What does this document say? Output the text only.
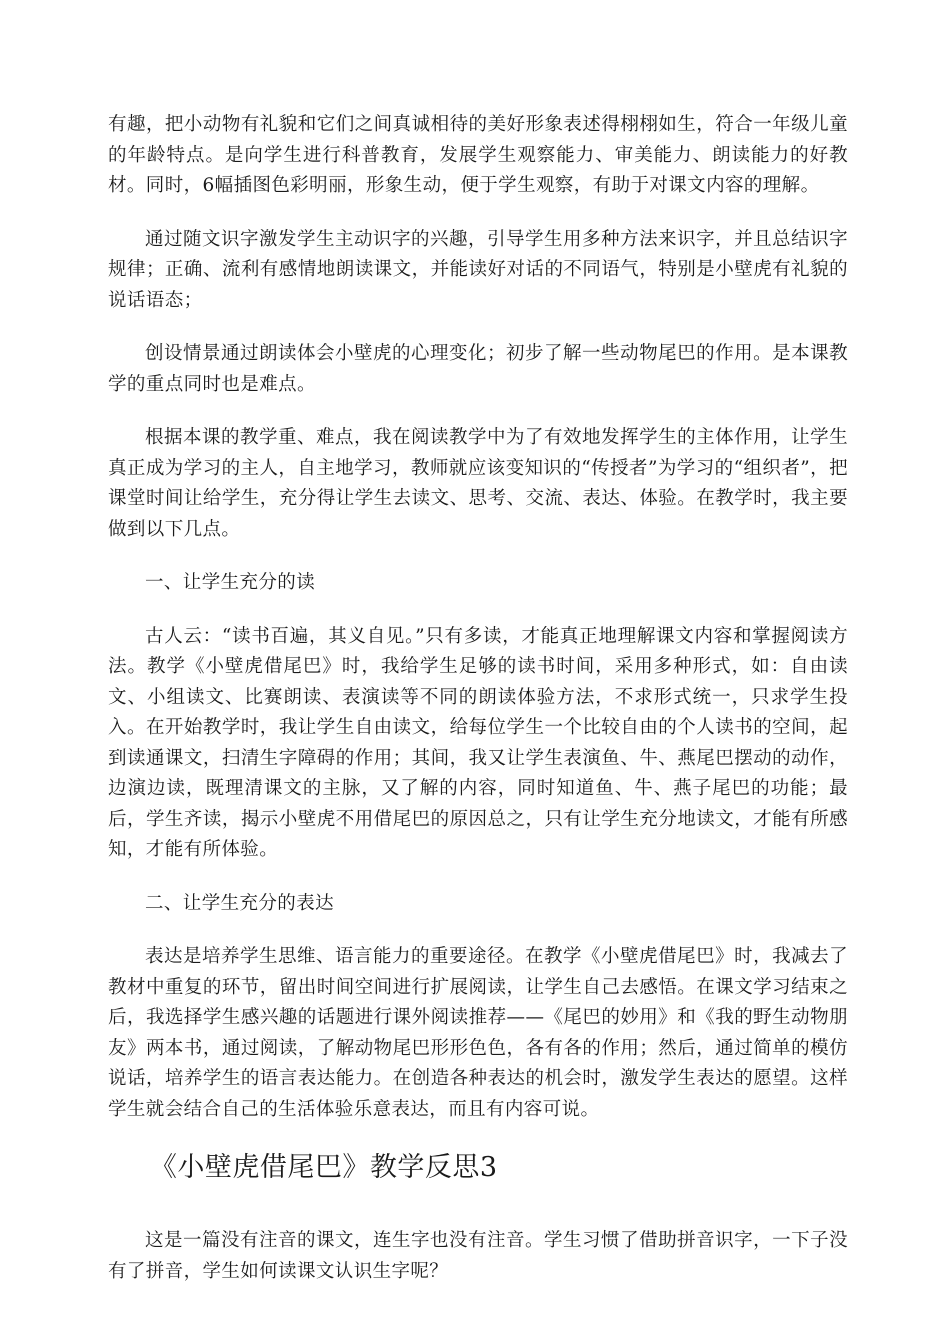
有趣，把小动物有礼貌和它们之间真诚相待的美好形象表述得栩栩如生，符合一年级儿童的年龄特点。是向学生进行科普教育，发展学生观察能力、审美能力、朗读能力的好教材。同时，6幅插图色彩明丽，形象生动，便于学生观察，有助于对课文内容的理解。

通过随文识字激发学生主动识字的兴趣，引导学生用多种方法来识字，并且总结识字规律；正确、流利有感情地朗读课文，并能读好对话的不同语气，特别是小壁虎有礼貌的说话语态；

创设情景通过朗读体会小壁虎的心理变化；初步了解一些动物尾巴的作用。是本课教学的重点同时也是难点。

根据本课的教学重、难点，我在阅读教学中为了有效地发挥学生的主体作用，让学生真正成为学习的主人，自主地学习，教师就应该变知识的“传授者”为学习的“组织者”，把课堂时间让给学生，充分得让学生去读文、思考、交流、表达、体验。在教学时，我主要做到以下几点。

一、让学生充分的读

古人云：“读书百遍，其义自见。”只有多读，才能真正地理解课文内容和掌握阅读方法。教学《小壁虎借尾巴》时，我给学生足够的读书时间，采用多种形式，如：自由读文、小组读文、比赛朗读、表演读等不同的朗读体验方法，不求形式统一，只求学生投入。在开始教学时，我让学生自由读文，给每位学生一个比较自由的个人读书的空间，起到读通课文，扫清生字障碍的作用；其间，我又让学生表演鱼、牛、燕尾巴摆动的动作，边演边读，既理清课文的主脉，又了解的内容，同时知道鱼、牛、燕子尾巴的功能；最后，学生齐读，揭示小壁虎不用借尾巴的原因总之，只有让学生充分地读文，才能有所感知，才能有所体验。

二、让学生充分的表达

表达是培养学生思维、语言能力的重要途径。在教学《小壁虎借尾巴》时，我减去了教材中重复的环节，留出时间空间进行扩展阅读，让学生自己去感悟。在课文学习结束之后，我选择学生感兴趣的话题进行课外阅读推荐——《尾巴的妙用》和《我的野生动物朋友》两本书，通过阅读，了解动物尾巴形形色色，各有各的作用；然后，通过简单的模仿说话，培养学生的语言表达能力。在创造各种表达的机会时，激发学生表达的愿望。这样学生就会结合自己的生活体验乐意表达，而且有内容可说。

《小壁虎借尾巴》教学反思3

这是一篇没有注音的课文，连生字也没有注音。学生习惯了借助拼音识字，一下子没有了拼音，学生如何读课文认识生字呢？
